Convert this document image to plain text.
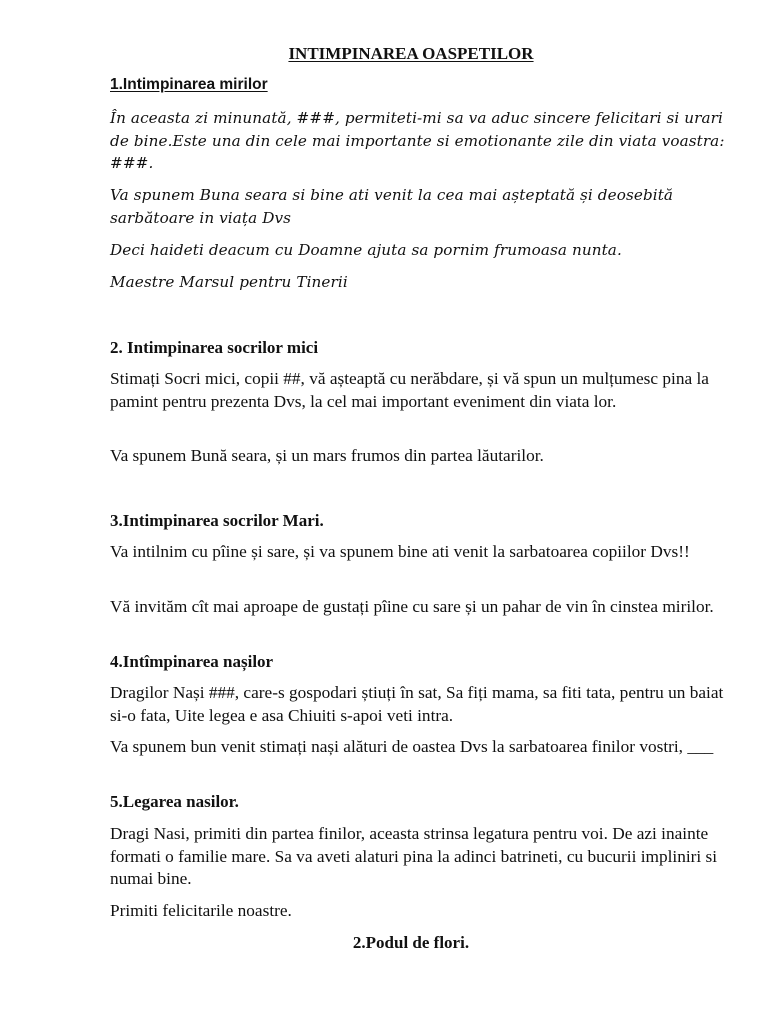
INTIMPINAREA OASPETILOR
1.Intimpinarea mirilor

În aceasta zi minunată, ###, permiteti-mi sa va aduc sincere felicitari si urari de bine.Este una din cele mai importante si emotionante zile din viata voastra: ###.

Va spunem Buna seara si bine ati venit la cea mai așteptată și deosebită sarbătoare in viața Dvs

Deci haideti deacum cu Doamne ajuta sa pornim frumoasa nunta.

Maestre Marsul pentru Tinerii

2. Intimpinarea socrilor mici

Stimați Socri mici, copii ##, vă așteaptă cu nerăbdare, și vă spun un mulțumesc pina la pamint pentru prezenta Dvs, la cel mai important eveniment din viata lor.

Va spunem Bună seara, și un mars frumos din partea lăutarilor.

3.Intimpinarea socrilor Mari.

Va intilnim cu pîine și sare, și va spunem bine ati venit la sarbatoarea copiilor Dvs!!

Vă invităm cît mai aproape de gustați pîine cu sare și un pahar de vin în cinstea mirilor.

4.Intîmpinarea nașilor

Dragilor Nași ###, care-s gospodari știuți în sat, Sa fiți mama, sa fiti tata, pentru un baiat si-o fata, Uite legea e asa Chiuiti s-apoi veti intra.

Va spunem bun venit stimați nași alături de oastea Dvs la sarbatoarea finilor vostri, ___

5.Legarea nasilor.

Dragi Nasi, primiti din partea finilor, aceasta strinsa legatura pentru voi. De azi inainte formati o familie mare. Sa va aveti alaturi pina la adinci batrineti, cu bucurii impliniri si numai bine.

Primiti felicitarile noastre.

2.Podul de flori.
